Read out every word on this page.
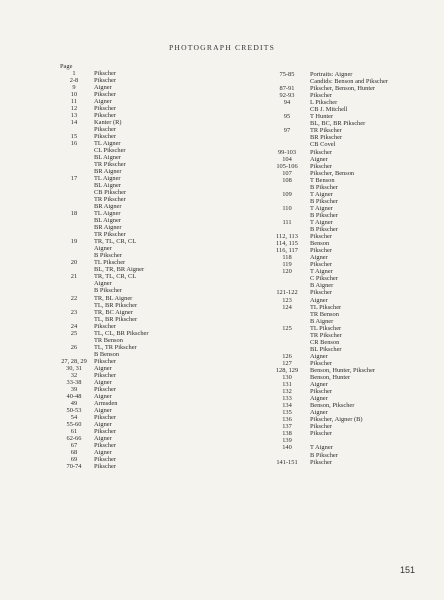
PHOTOGRAPH CREDITS
Page
1	Pikscher
2-8	Pikscher
9	Aigner
10	Pikscher
11	Aigner
12	Pikscher
13	Pikscher
14	Kanter (R)
Pikscher
15	Pikscher
16	TL Aigner
CL Pikscher
BL Aigner
TR Pikscher
BR Aigner
17	TL Aigner
BL Aigner
CB Pikscher
TR Pikscher
BR Aigner
18	TL Aigner
BL Aigner
BR Aigner
TR Pikscher
19	TR, TL, CR, CL
Aigner
B Pikscher
20	TL Pikscher
BL, TR, BR Aigner
21	TR, TL, CR, CL
Aigner
B Pikscher
22	TR, BL Aigner
TL, BR Pikscher
23	TR, BC Aigner
TL, BR Pikscher
24	Pikscher
25	TL, CL, BR Pikscher
TR Benson
26	TL, TR Pikscher
B Benson
27, 28, 29	Pikscher
30, 31	Aigner
32	Pikscher
33-38	Aigner
39	Pikscher
40-48	Aigner
49	Armsden
50-53	Aigner
54	Pikscher
55-60	Aigner
61	Pikscher
62-66	Aigner
67	Pikscher
68	Aigner
69	Pikscher
70-74	Pikscher
75-85	Portraits: Aigner
Candids: Benson and Pikscher
87-91	Pikscher, Benson, Hunter
92-93	Pikscher
94	L Pikscher
CB J. Mitchell
95	T Hunter
BL, BC, BR Pikscher
97	TR Pikscher
BR Pikscher
CB Covel
99-103	Pikscher
104	Aigner
105-106	Pikscher
107	Pikscher, Benson
108	T Benson
B Pikscher
109	T Aigner
B Pikscher
110	T Aigner
B Pikscher
111	T Aigner
B Pikscher
112, 113	Pikscher
114, 115	Benson
116, 117	Pikscher
118	Aigner
119	Pikscher
120	T Aigner
C Pikscher
B Aigner
121-122	Pikscher
123	Aigner
124	TL Pikscher
TR Benson
B Aigner
125	TL Pikscher
TR Pikscher
CR Benson
BL Pikscher
126	Aigner
127	Pikscher
128, 129	Benson, Hunter, Pikscher
130	Benson, Hunter
131	Aigner
132	Pikscher
133	Aigner
134	Benson, Pikscher
135	Aigner
136	Pikscher, Aigner (B)
137	Pikscher
138	Pikscher
139
140	T Aigner
B Pikscher
141-151	Pikscher
151
